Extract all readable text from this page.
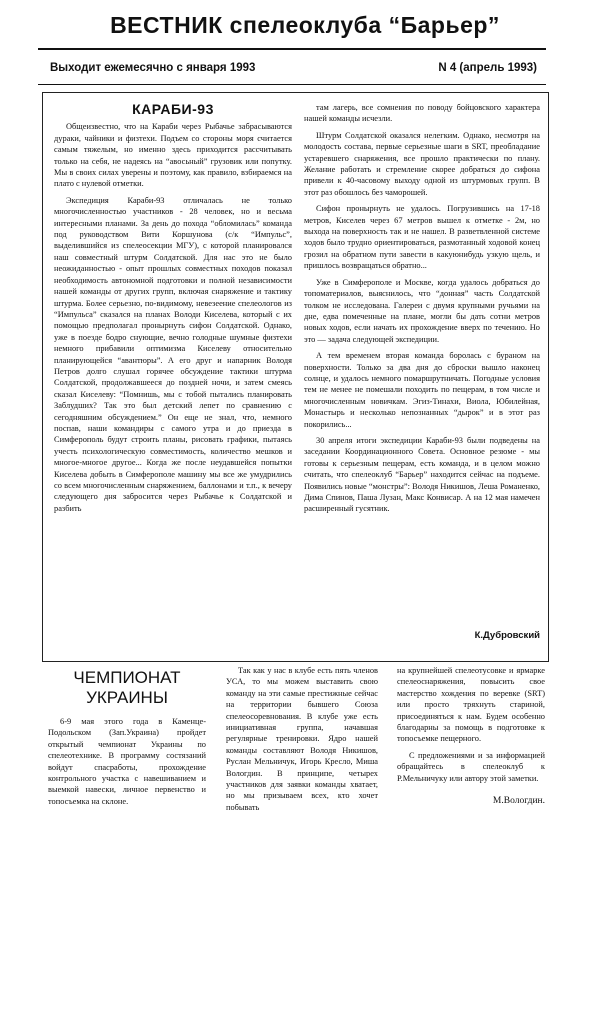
ВЕСТНИК спелеоклуба “Барьер”
Выходит ежемесячно с января 1993	N 4 (апрель 1993)
КАРАБИ-93

Общеизвестно, что на Караби через Рыбачье забрасываются дураки, чайники и физтехи. Подъем со стороны моря считается самым тяжелым, но именно здесь приходится рассчитывать только на себя, не надеясь на “авосьный” грузовик или попутку. Мы в своих силах уверены и поэтому, как правило, взбираемся на плато с нулевой отметки.

Экспедиция Караби-93 отличалась не только многочисленностью участников - 28 человек, но и весьма интересными планами. За день до похода “обломилась” команда под руководством Вити Коршунова (с/к “Импульс”, выделившийся из спелеосекции МГУ), с которой планировался наш совместный штурм Солдатской. Для нас это не было неожиданностью - опыт прошлых совместных походов показал необходимость автономной подготовки и полной независимости нашей команды от других групп, включая снаряжение и тактику штурма. Более серьезно, по-видимому, невезеение спелеологов из “Импульса” сказался на планах Володи Киселева, который с их помощью предполагал пронырнуть сифон Солдатской. Однако, уже в поезде бодро снующие, вечно голодные шумные физтехи немного прибавили оптимизма Киселеву относительно планирующейся “авантюры”. А его друг и напарник Володя Петров долго слушал горячее обсуждение тактики штурма Солдатской, продолжавшееся до поздней ночи, и затем смеясь сказал Киселеву: “Помнишь, мы с тобой пытались планировать Заблудших? Так это был детский лепет по сравнению с сегодняшним обсуждением.” Он еще не знал, что, немного поспав, наши командиры с самого утра и до приезда в Симферополь будут строить планы, рисовать графики, пытаясь учесть психологическую совместимость, количество мешков и многое-многое другое... Когда же после неудавшейся попытки Киселева добыть в Симферополе машину мы все же умудрились со всем многочисленным снаряжением, баллонами и т.п., к вечеру следующего дня забросится через Рыбачье к Солдатской и разбить

там лагерь, все сомнения по поводу бойцовского характера нашей команды исчезли.

Штурм Солдатской оказался нелегким. Однако, несмотря на молодость состава, первые серьезные шаги в SRT, преобладание устаревшего снаряжения, все прошло практически по плану. Желание работать и стремление скорее добраться до сифона привели к 40-часовому выходу одной из штурмовых групп. В этот раз обошлось без чаморошей.

Сифон пронырнуть не удалось. Погрузившись на 17-18 метров, Киселев через 67 метров вышел к отметке - 2м, но выхода на поверхность так и не нашел. В разветвленной системе ходов было трудно ориентироваться, размотанный ходовой конец грозил на обратном пути завести в какуюнибудь узкую щель, и пришлось возвращаться обратно...

Уже в Симферополе и Москве, когда удалось добраться до топоматериалов, выяснилось, что “донная” часть Солдатской толком не исследована. Галереи с двумя крупными ручьями на дне, едва помеченные на плане, могли бы дать сотни метров новых ходов, если начать их прохождение вверх по течению. Но это — задача следующей экспедиции.

А тем временем вторая команда боролась с бураном на поверхности. Только за два дня до сброски вышло наконец солнце, и удалось немного помаршрутничать. Погодные условия тем не менее не помешали походить по пещерам, в том числе и многочисленным новичкам. Эгиз-Тинахи, Виола, Юбилейная, Монастырь и несколько непознанных “дырок” и в этот раз покорились...

30 апреля итоги экспедиции Караби-93 были подведены на заседании Координационного Совета. Основное резюме - мы готовы к серьезным пещерам, есть команда, и в целом можно считать, что спелеоклуб “Барьер” находится сейчас на подъеме. Появились новые “монстры”: Володя Никишов, Леша Романенко, Дима Спинов, Паша Лузан, Макс Конвисар. А на 12 мая намечен расширенный гусятник.

К.Дубровский
ЧЕМПИОНАТ УКРАИНЫ

6-9 мая этого года в Каменце-Подольском (Зап.Украина) пройдет открытый чемпионат Украины по спелеотехнике. В программу состязаний войдут спасработы, прохождение контрольного участка с навешиванием и выемкой навески, личное первенство и топосъемка на склоне.

Так как у нас в клубе есть пять членов УСА, то мы можем выставить свою команду на эти самые престижные сейчас на территории бывшего Союза спелеосоревнования. В клубе уже есть инициативная группа, начавшая регулярные тренировки. Ядро нашей команды составляют Володя Никишов, Руслан Мельничук, Игорь Кресло, Миша Вологдин. В принципе, четырех участников для заявки команды хватает, но мы призываем всех, кто хочет побывать

на крупнейшей спелеотусовке и ярмарке спелеоснаряжения, повысить свое мастерство хождения по веревке (SRT) или просто тряхнуть стариной, присоединяться к нам. Будем особенно благодарны за помощь в подготовке к топосъемке пещерного.

С предложениями и за информацией обращайтесь в спелеоклуб к Р.Мельничуку или автору этой заметки.

М.Вологдин.
